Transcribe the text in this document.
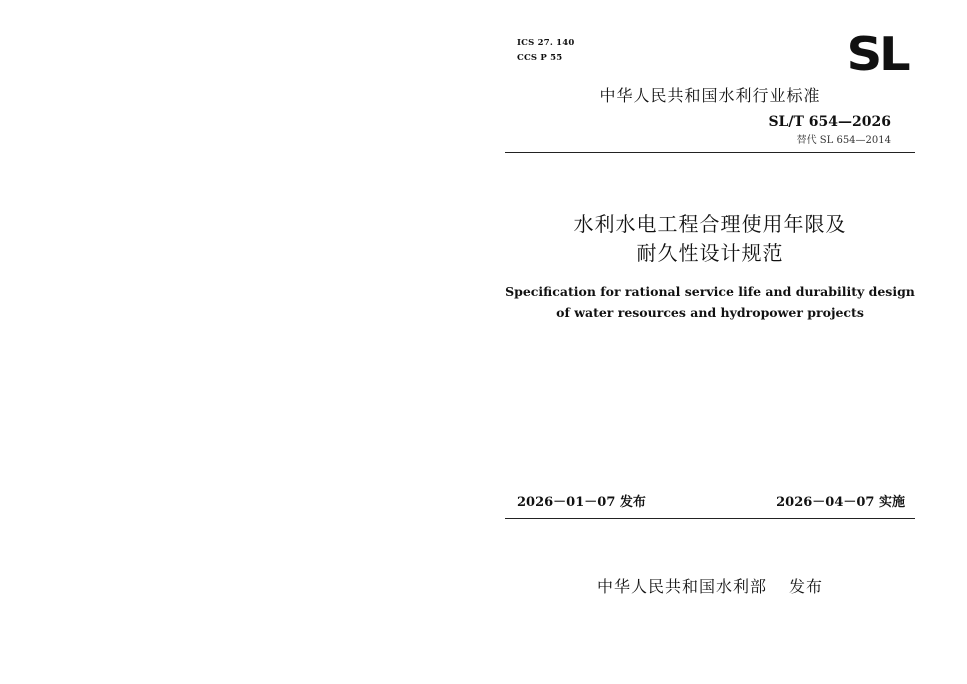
ICS 27. 140
CCS P 55	SL
中华人民共和国水利行业标准
SL/T 654—2026
替代 SL 654—2014
水利水电工程合理使用年限及
耐久性设计规范
Specification for rational service life and durability design
of water resources and hydropower projects
2026－01－07 发布	2026－04－07 实施
中华人民共和国水利部 发布
